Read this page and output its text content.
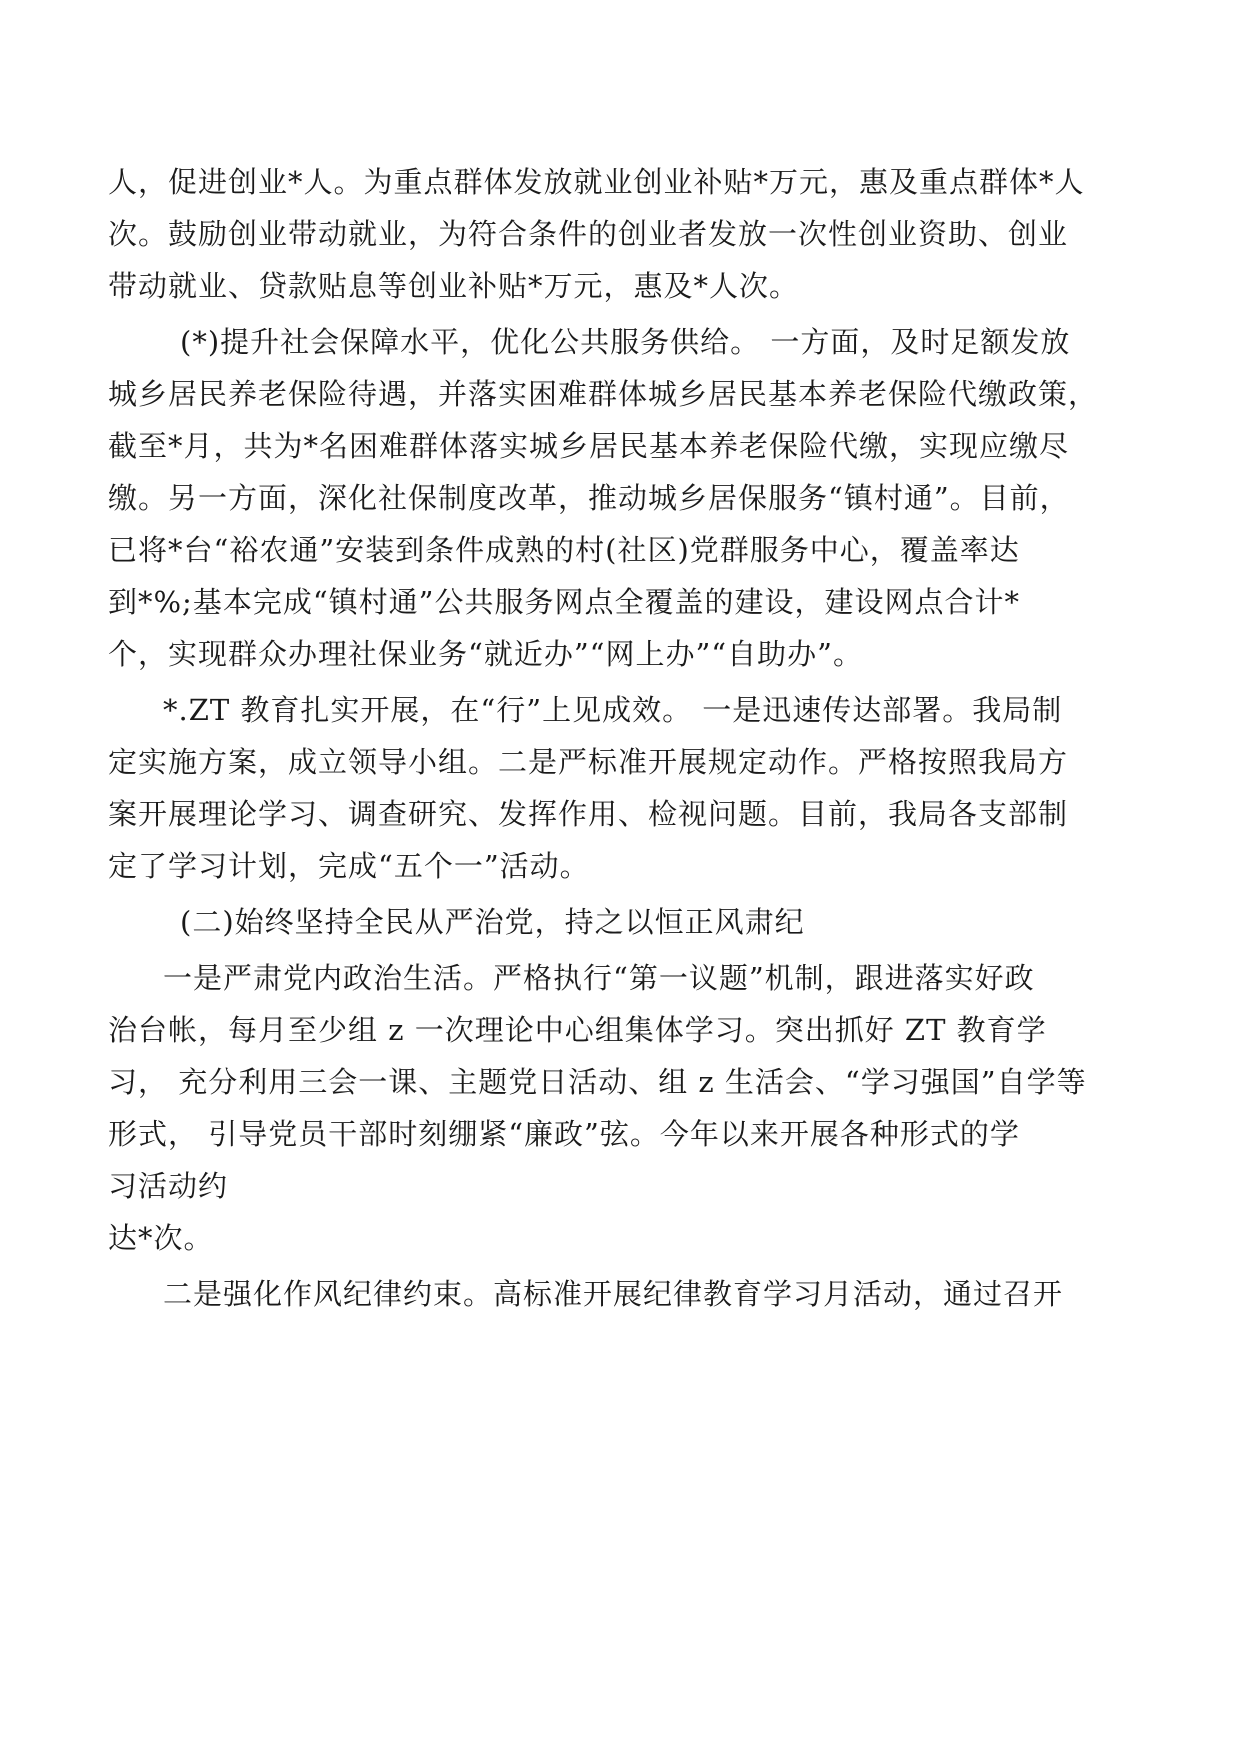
人，促进创业*人。为重点群体发放就业创业补贴*万元，惠及重点群体*人
次。鼓励创业带动就业，为符合条件的创业者发放一次性创业资助、创业
带动就业、贷款贴息等创业补贴*万元，惠及*人次。
(*)提升社会保障水平，优化公共服务供给。 一方面，及时足额发放
城乡居民养老保险待遇，并落实困难群体城乡居民基本养老保险代缴政策，
截至*月，共为*名困难群体落实城乡居民基本养老保险代缴，实现应缴尽
缴。另一方面，深化社保制度改革，推动城乡居保服务“镇村通”。目前，
已将*台“裕农通”安装到条件成熟的村(社区)党群服务中心，覆盖率达
到*%;基本完成“镇村通”公共服务网点全覆盖的建设，建设网点合计*
个，实现群众办理社保业务“就近办”“网上办”“自助办”。
*.ZT 教育扎实开展，在“行”上见成效。 一是迅速传达部署。我局制
定实施方案，成立领导小组。二是严标准开展规定动作。严格按照我局方
案开展理论学习、调查研究、发挥作用、检视问题。目前，我局各支部制
定了学习计划，完成“五个一”活动。
(二)始终坚持全民从严治党，持之以恒正风肃纪
一是严肃党内政治生活。严格执行“第一议题”机制，跟进落实好政
治台帐，每月至少组 z 一次理论中心组集体学习。突出抓好 ZT 教育学
习， 充分利用三会一课、主题党日活动、组 z 生活会、“学习强国”自学等
形式， 引导党员干部时刻绷紧“廉政”弦。今年以来开展各种形式的学
习活动约
达*次。
二是强化作风纪律约束。高标准开展纪律教育学习月活动，通过召开
